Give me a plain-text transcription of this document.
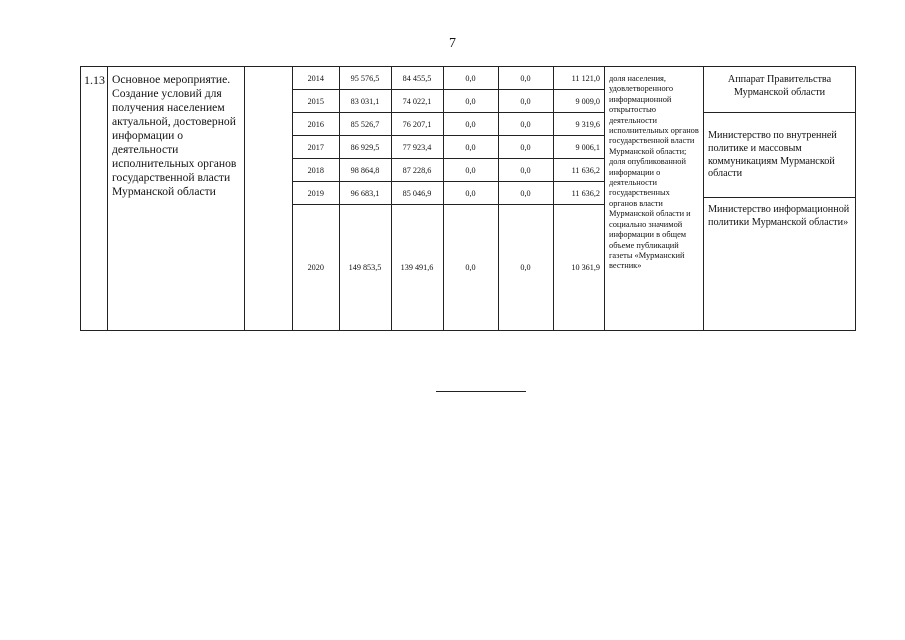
7
1.13	Основное мероприятие. Создание условий для получения населением актуальной, достоверной информации о деятельности исполнительных органов государственной власти Мурманской области		
2014	95 576,5	84 455,5	0,0	0,0	11 121,0
2015	83 031,1	74 022,1	0,0	0,0	9 009,0
2016	85 526,7	76 207,1	0,0	0,0	9 319,6
2017	86 929,5	77 923,4	0,0	0,0	9 006,1
2018	98 864,8	87 228,6	0,0	0,0	11 636,2
2019	96 683,1	85 046,9	0,0	0,0	11 636,2
2020	149 853,5	139 491,6	0,0	0,0	10 361,9
	доля населения, удовлетворенного информационной открытостью деятельности исполнительных органов государственной власти Мурманской области; доля опубликованной информации о деятельности государственных органов власти Мурманской области и социально значимой информации в общем объеме публикаций газеты «Мурманский вестник»	
Аппарат Правительства Мурманской области
Министерство по внутренней политике и массовым коммуникациям Мурманской области
Министерство информационной политики Мурманской области»
